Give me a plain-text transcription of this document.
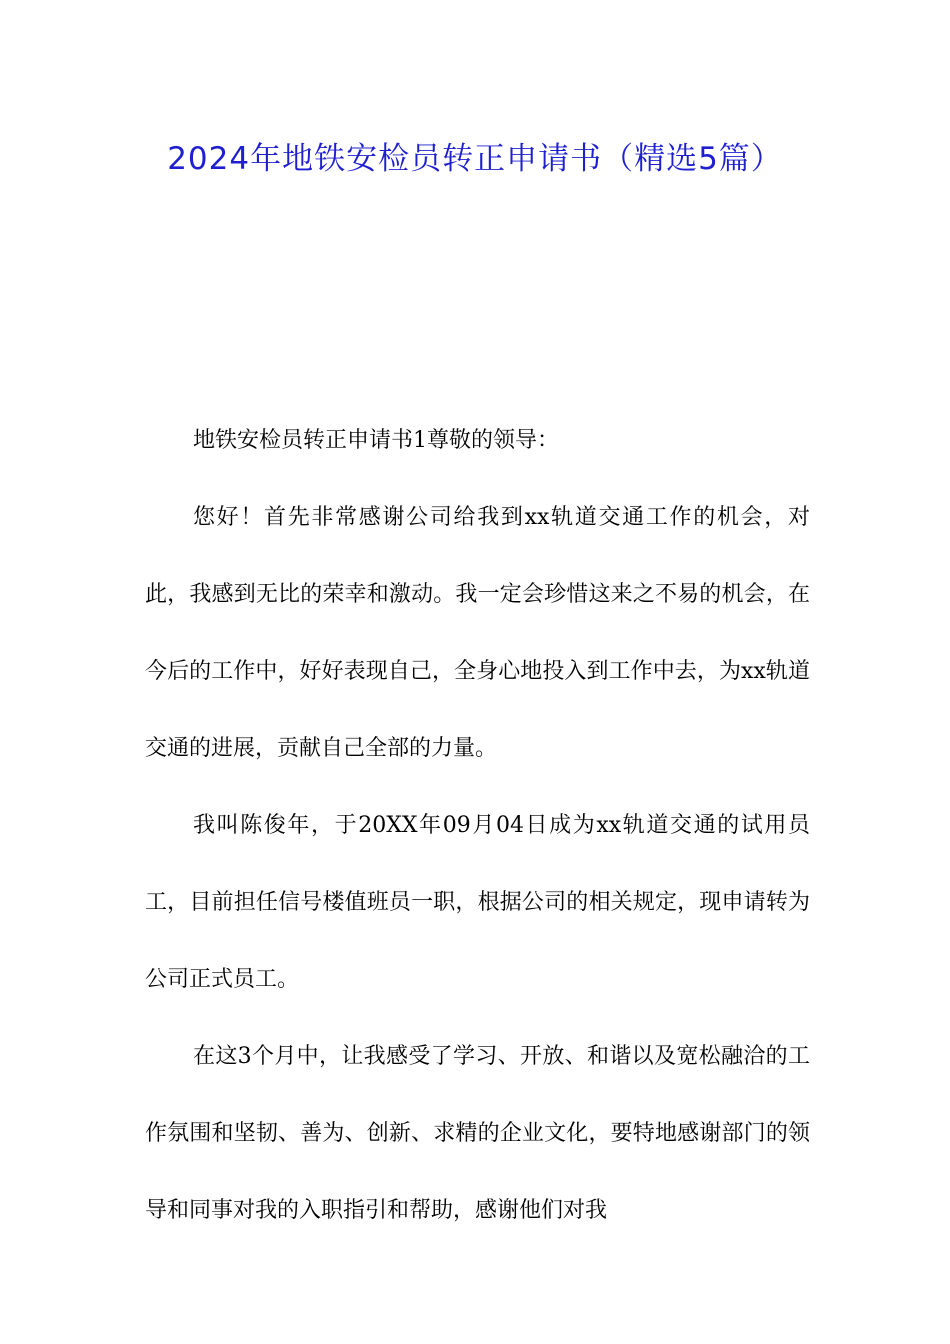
2024年地铁安检员转正申请书（精选5篇）

地铁安检员转正申请书1尊敬的领导：

您好！首先非常感谢公司给我到xx轨道交通工作的机会，对此，我感到无比的荣幸和激动。我一定会珍惜这来之不易的机会，在今后的工作中，好好表现自己，全身心地投入到工作中去，为xx轨道交通的进展，贡献自己全部的力量。

我叫陈俊年，于20XX年09月04日成为xx轨道交通的试用员工，目前担任信号楼值班员一职，根据公司的相关规定，现申请转为公司正式员工。

在这3个月中，让我感受了学习、开放、和谐以及宽松融洽的工作氛围和坚韧、善为、创新、求精的企业文化，要特地感谢部门的领导和同事对我的入职指引和帮助，感谢他们对我
